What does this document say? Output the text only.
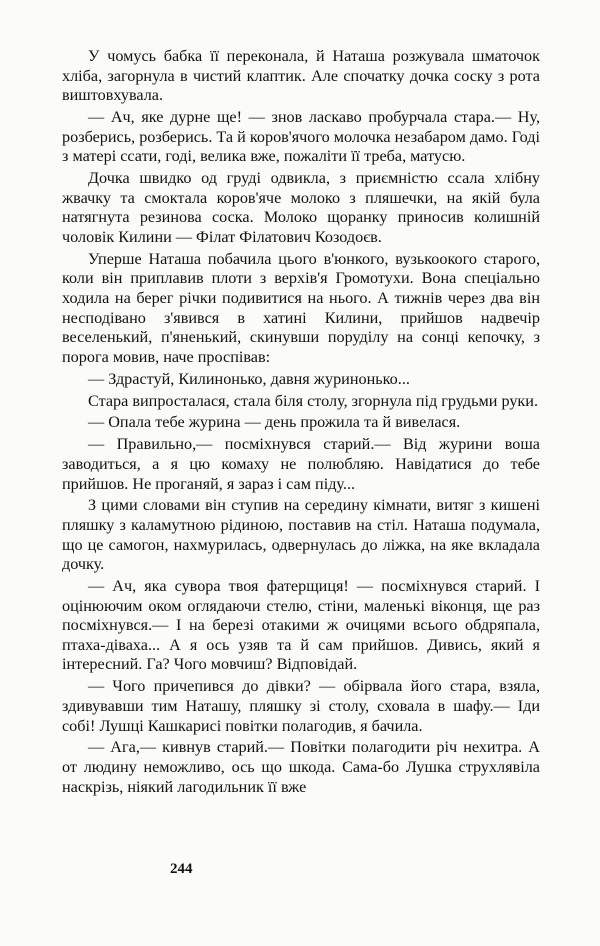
У чомусь бабка її переконала, й Наташа розжувала шматочок хліба, загорнула в чистий клаптик. Але спочатку дочка соску з рота виштовхувала.

— Ач, яке дурне ще! — знов ласкаво пробурчала стара.— Ну, розберись, розберись. Та й коров'ячого молочка незабаром дамо. Годі з матері ссати, годі, велика вже, пожаліти її треба, матусю.

Дочка швидко од груді одвикла, з приємністю ссала хлібну жвачку та смоктала коров'яче молоко з пляшечки, на якій була натягнута резинова соска. Молоко щоранку приносив колишній чоловік Килини — Філат Філатович Козодоєв.

Уперше Наташа побачила цього в'юнкого, вузькоокого старого, коли він приплавив плоти з верхів'я Громотухи. Вона спеціально ходила на берег річки подивитися на нього. А тижнів через два він несподівано з'явився в хатині Килини, прийшов надвечір веселенький, п'яненький, скинувши поруділу на сонці кепочку, з порога мовив, наче проспівав:

— Здрастуй, Килинонько, давня журинонько...

Стара випросталася, стала біля столу, згорнула під грудьми руки.

— Опала тебе журина — день прожила та й вивелася.

— Правильно,— посміхнувся старий.— Від журини воша заводиться, а я цю комаху не полюбляю. Навідатися до тебе прийшов. Не проганяй, я зараз і сам піду...

З цими словами він ступив на середину кімнати, витяг з кишені пляшку з каламутною рідиною, поставив на стіл. Наташа подумала, що це самогон, нахмурилась, одвернулась до ліжка, на яке вкладала дочку.

— Ач, яка сувора твоя фатерщиця! — посміхнувся старий. І оцінюючим оком оглядаючи стелю, стіни, маленькі віконця, ще раз посміхнувся.— І на березі отакими ж очицями всього обдряпала, птаха-діваха... А я ось узяв та й сам прийшов. Дивись, який я інтересний. Га? Чого мовчиш? Відповідай.

— Чого причепився до дівки? — обірвала його стара, взяла, здивувавши тим Наташу, пляшку зі столу, сховала в шафу.— Іди собі! Лушці Кашкарисі повітки полагодив, я бачила.

— Ага,— кивнув старий.— Повітки полагодити річ нехитра. А от людину неможливо, ось що шкода. Сама-бо Лушка струхлявіла наскрізь, ніякий лагодильник її вже

244
